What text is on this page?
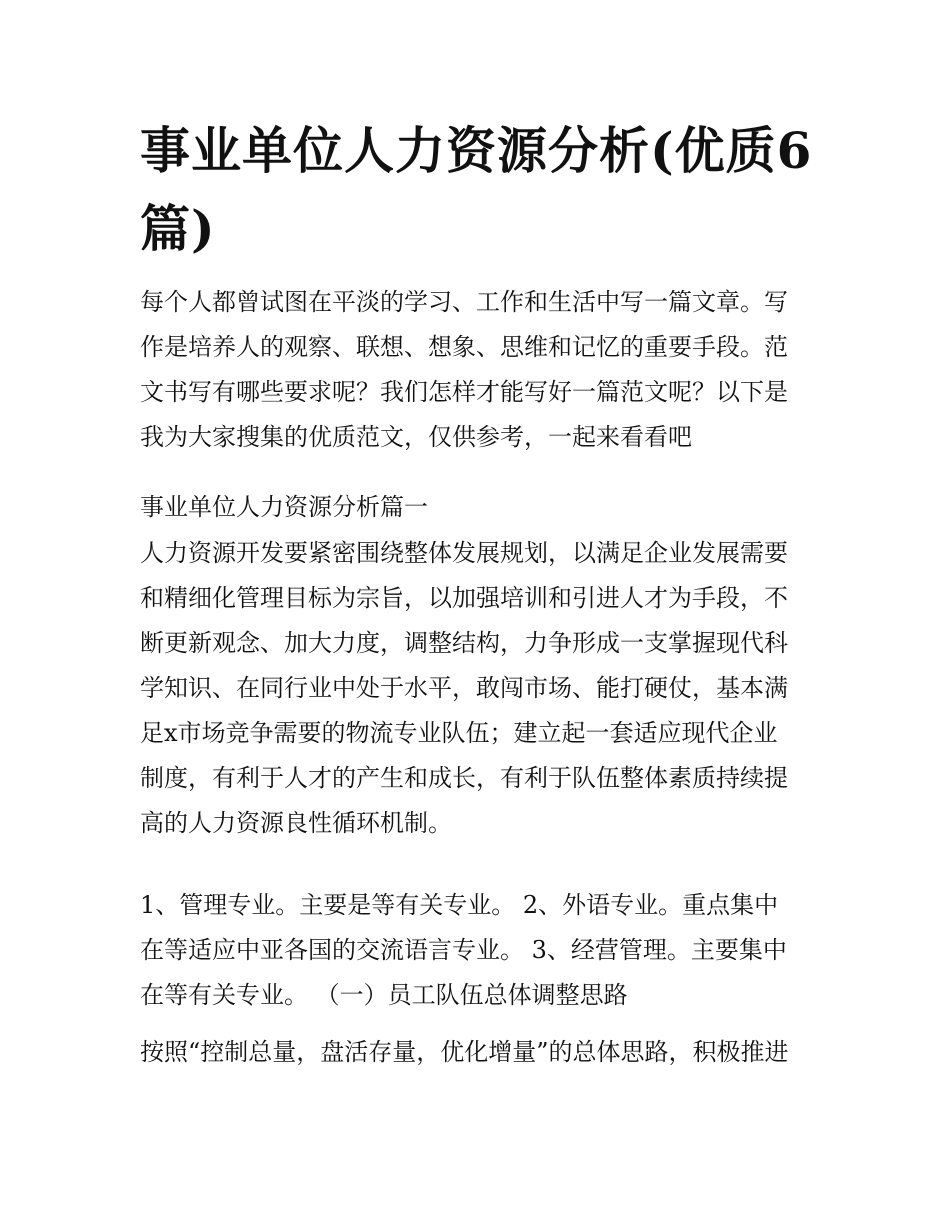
事业单位人力资源分析(优质6
篇)
每个人都曾试图在平淡的学习、工作和生活中写一篇文章。写
作是培养人的观察、联想、想象、思维和记忆的重要手段。范
文书写有哪些要求呢？我们怎样才能写好一篇范文呢？以下是
我为大家搜集的优质范文，仅供参考，一起来看看吧
事业单位人力资源分析篇一
人力资源开发要紧密围绕整体发展规划，以满足企业发展需要
和精细化管理目标为宗旨，以加强培训和引进人才为手段，不
断更新观念、加大力度，调整结构，力争形成一支掌握现代科
学知识、在同行业中处于水平，敢闯市场、能打硬仗，基本满
足x市场竞争需要的物流专业队伍；建立起一套适应现代企业
制度，有利于人才的产生和成长，有利于队伍整体素质持续提
高的人力资源良性循环机制。
1、管理专业。主要是等有关专业。 2、外语专业。重点集中
在等适应中亚各国的交流语言专业。 3、经营管理。主要集中
在等有关专业。 （一）员工队伍总体调整思路
按照“控制总量，盘活存量，优化增量”的总体思路，积极推进
